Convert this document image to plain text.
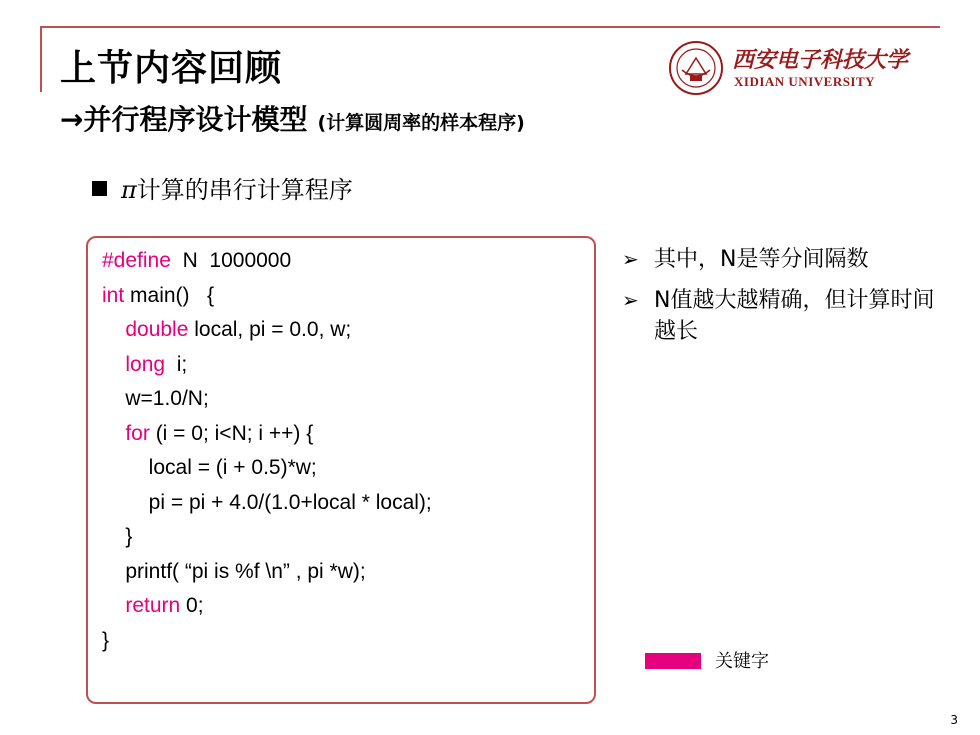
上节内容回顾
→并行程序设计模型 (计算圆周率的样本程序)
西安电子科技大学
XIDIAN UNIVERSITY
π计算的串行计算程序
#define  N  1000000
int main()   {
double local, pi = 0.0, w;
long  i;
w=1.0/N;
for (i = 0; i<N; i ++) {
local = (i + 0.5)*w;
pi = pi + 4.0/(1.0+local * local);
}
printf( “pi is %f \n” , pi *w);
return 0;
}
➢ 其中，N是等分间隔数
➢ N值越大越精确，但计算时间越长
关键字
3
